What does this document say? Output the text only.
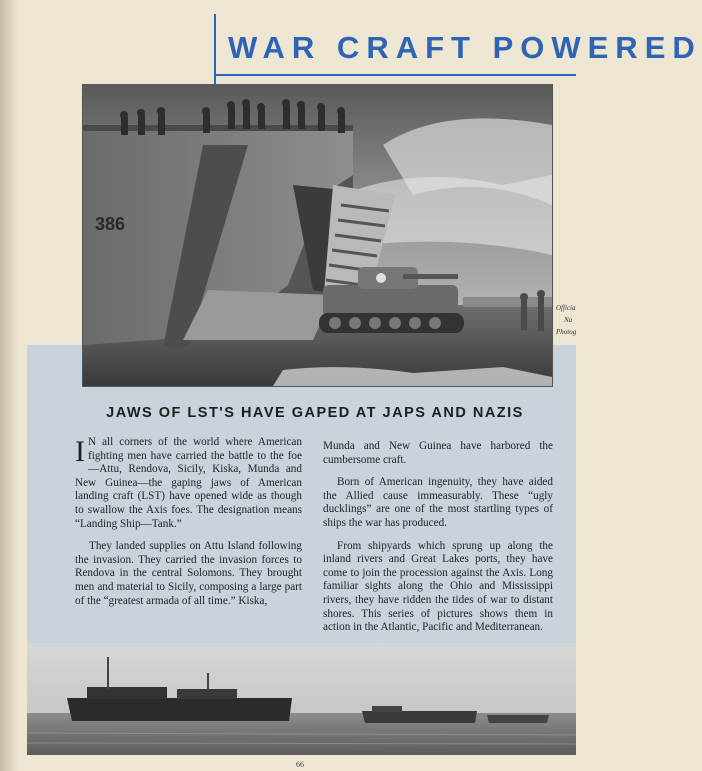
WAR CRAFT POWERED
386
Officia
Na
Photog
JAWS OF LST'S HAVE GAPED AT JAPS AND NAZIS

I N all corners of the world where American fighting men have carried the battle to the foe—Attu, Rendova, Sicily, Kiska, Munda and New Guinea—the gaping jaws of American landing craft (LST) have opened wide as though to swallow the Axis foes. The designation means “Landing Ship—Tank.”

They landed supplies on Attu Island following the invasion. They carried the invasion forces to Rendova in the central Solomons. They brought men and material to Sicily, composing a large part of the “greatest armada of all time.” Kiska,

Munda and New Guinea have harbored the cumbersome craft.

Born of American ingenuity, they have aided the Allied cause immeasurably. These “ugly ducklings” are one of the most startling types of ships the war has produced.

From shipyards which sprung up along the inland rivers and Great Lakes ports, they have come to join the procession against the Axis. Long familiar sights along the Ohio and Mississippi rivers, they have ridden the tides of war to distant shores. This series of pictures shows them in action in the Atlantic, Pacific and Mediterranean.

66
